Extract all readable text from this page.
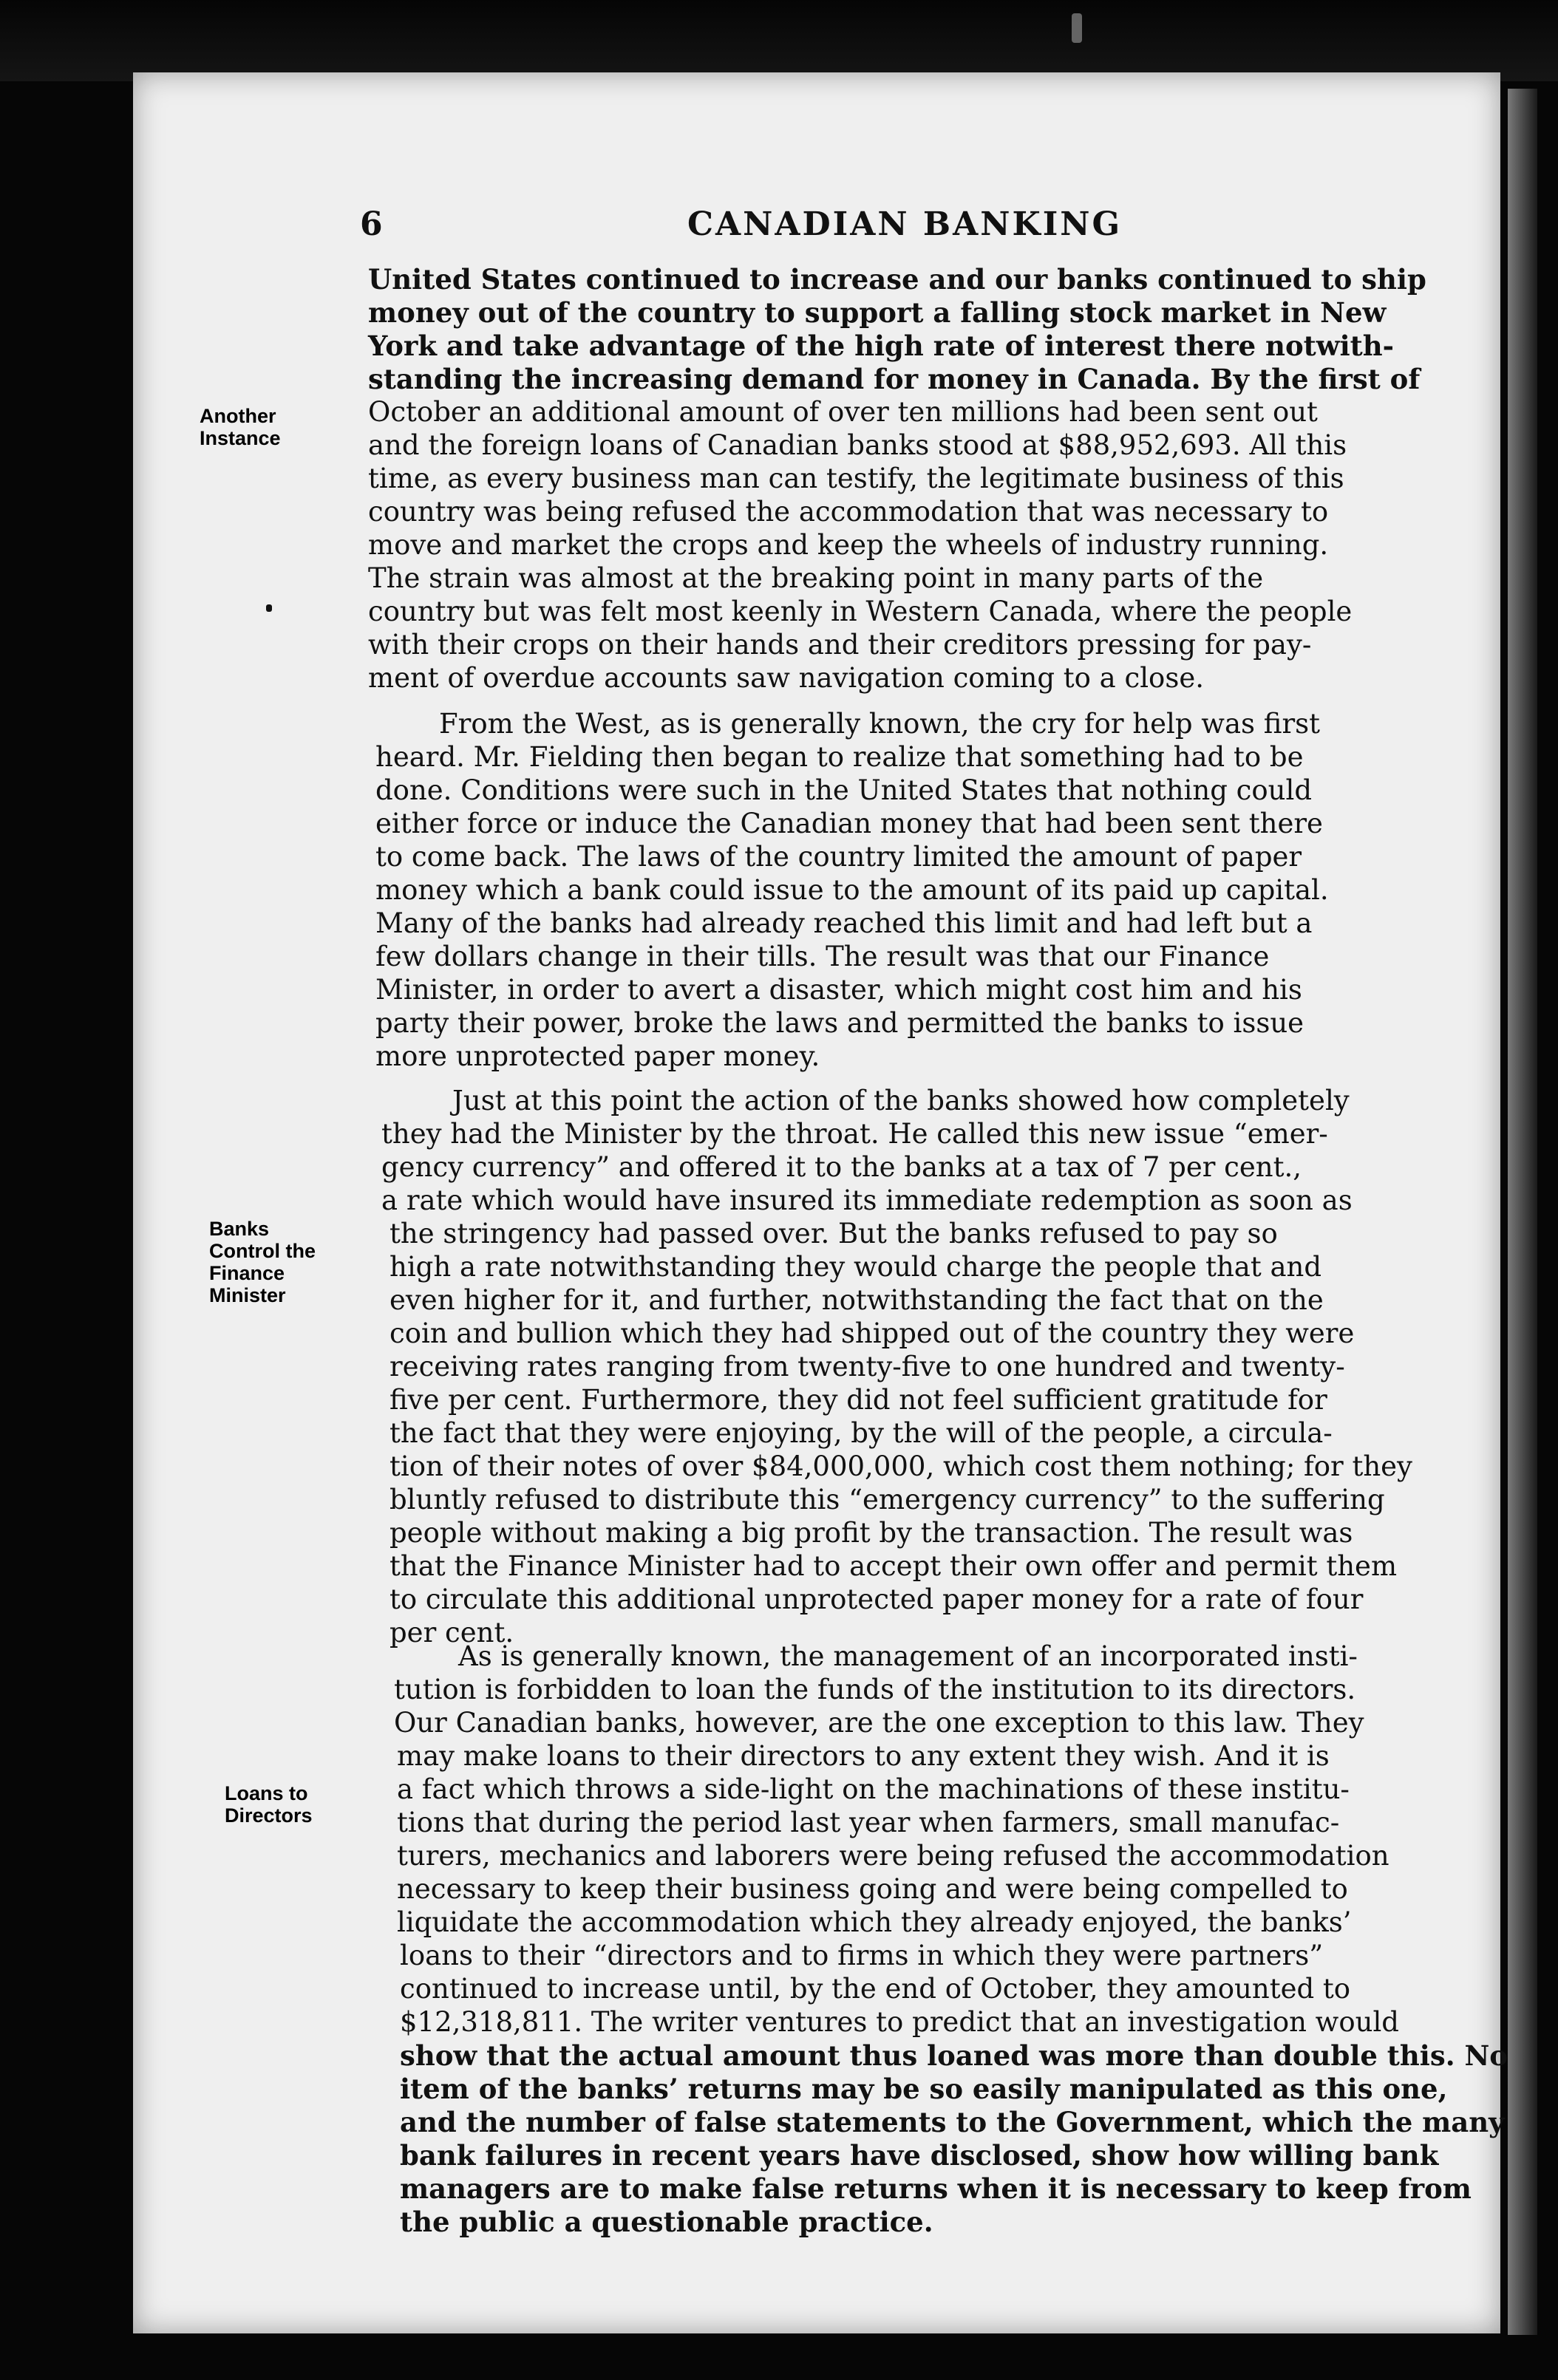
6	CANADIAN BANKING
Another
Instance
Banks
Control the
Finance
Minister
Loans to
Directors
United States continued to increase and our banks continued to ship
money out of the country to support a falling stock market in New
York and take advantage of the high rate of interest there notwith-
standing the increasing demand for money in Canada. By the first of
October an additional amount of over ten millions had been sent out
and the foreign loans of Canadian banks stood at $88,952,693. All this
time, as every business man can testify, the legitimate business of this
country was being refused the accommodation that was necessary to
move and market the crops and keep the wheels of industry running.
The strain was almost at the breaking point in many parts of the
country but was felt most keenly in Western Canada, where the people
with their crops on their hands and their creditors pressing for pay-
ment of overdue accounts saw navigation coming to a close.
From the West, as is generally known, the cry for help was first
heard. Mr. Fielding then began to realize that something had to be
done. Conditions were such in the United States that nothing could
either force or induce the Canadian money that had been sent there
to come back. The laws of the country limited the amount of paper
money which a bank could issue to the amount of its paid up capital.
Many of the banks had already reached this limit and had left but a
few dollars change in their tills. The result was that our Finance
Minister, in order to avert a disaster, which might cost him and his
party their power, broke the laws and permitted the banks to issue
more unprotected paper money.
Just at this point the action of the banks showed how completely
they had the Minister by the throat. He called this new issue “emer-
gency currency” and offered it to the banks at a tax of 7 per cent.,
a rate which would have insured its immediate redemption as soon as
the stringency had passed over. But the banks refused to pay so
high a rate notwithstanding they would charge the people that and
even higher for it, and further, notwithstanding the fact that on the
coin and bullion which they had shipped out of the country they were
receiving rates ranging from twenty-five to one hundred and twenty-
five per cent. Furthermore, they did not feel sufficient gratitude for
the fact that they were enjoying, by the will of the people, a circula-
tion of their notes of over $84,000,000, which cost them nothing; for they
bluntly refused to distribute this “emergency currency” to the suffering
people without making a big profit by the transaction. The result was
that the Finance Minister had to accept their own offer and permit them
to circulate this additional unprotected paper money for a rate of four
per cent.
As is generally known, the management of an incorporated insti-
tution is forbidden to loan the funds of the institution to its directors.
Our Canadian banks, however, are the one exception to this law. They
may make loans to their directors to any extent they wish. And it is
a fact which throws a side-light on the machinations of these institu-
tions that during the period last year when farmers, small manufac-
turers, mechanics and laborers were being refused the accommodation
necessary to keep their business going and were being compelled to
liquidate the accommodation which they already enjoyed, the banks’
loans to their “directors and to firms in which they were partners”
continued to increase until, by the end of October, they amounted to
$12,318,811. The writer ventures to predict that an investigation would
show that the actual amount thus loaned was more than double this. No
item of the banks’ returns may be so easily manipulated as this one,
and the number of false statements to the Government, which the many
bank failures in recent years have disclosed, show how willing bank
managers are to make false returns when it is necessary to keep from
the public a questionable practice.
